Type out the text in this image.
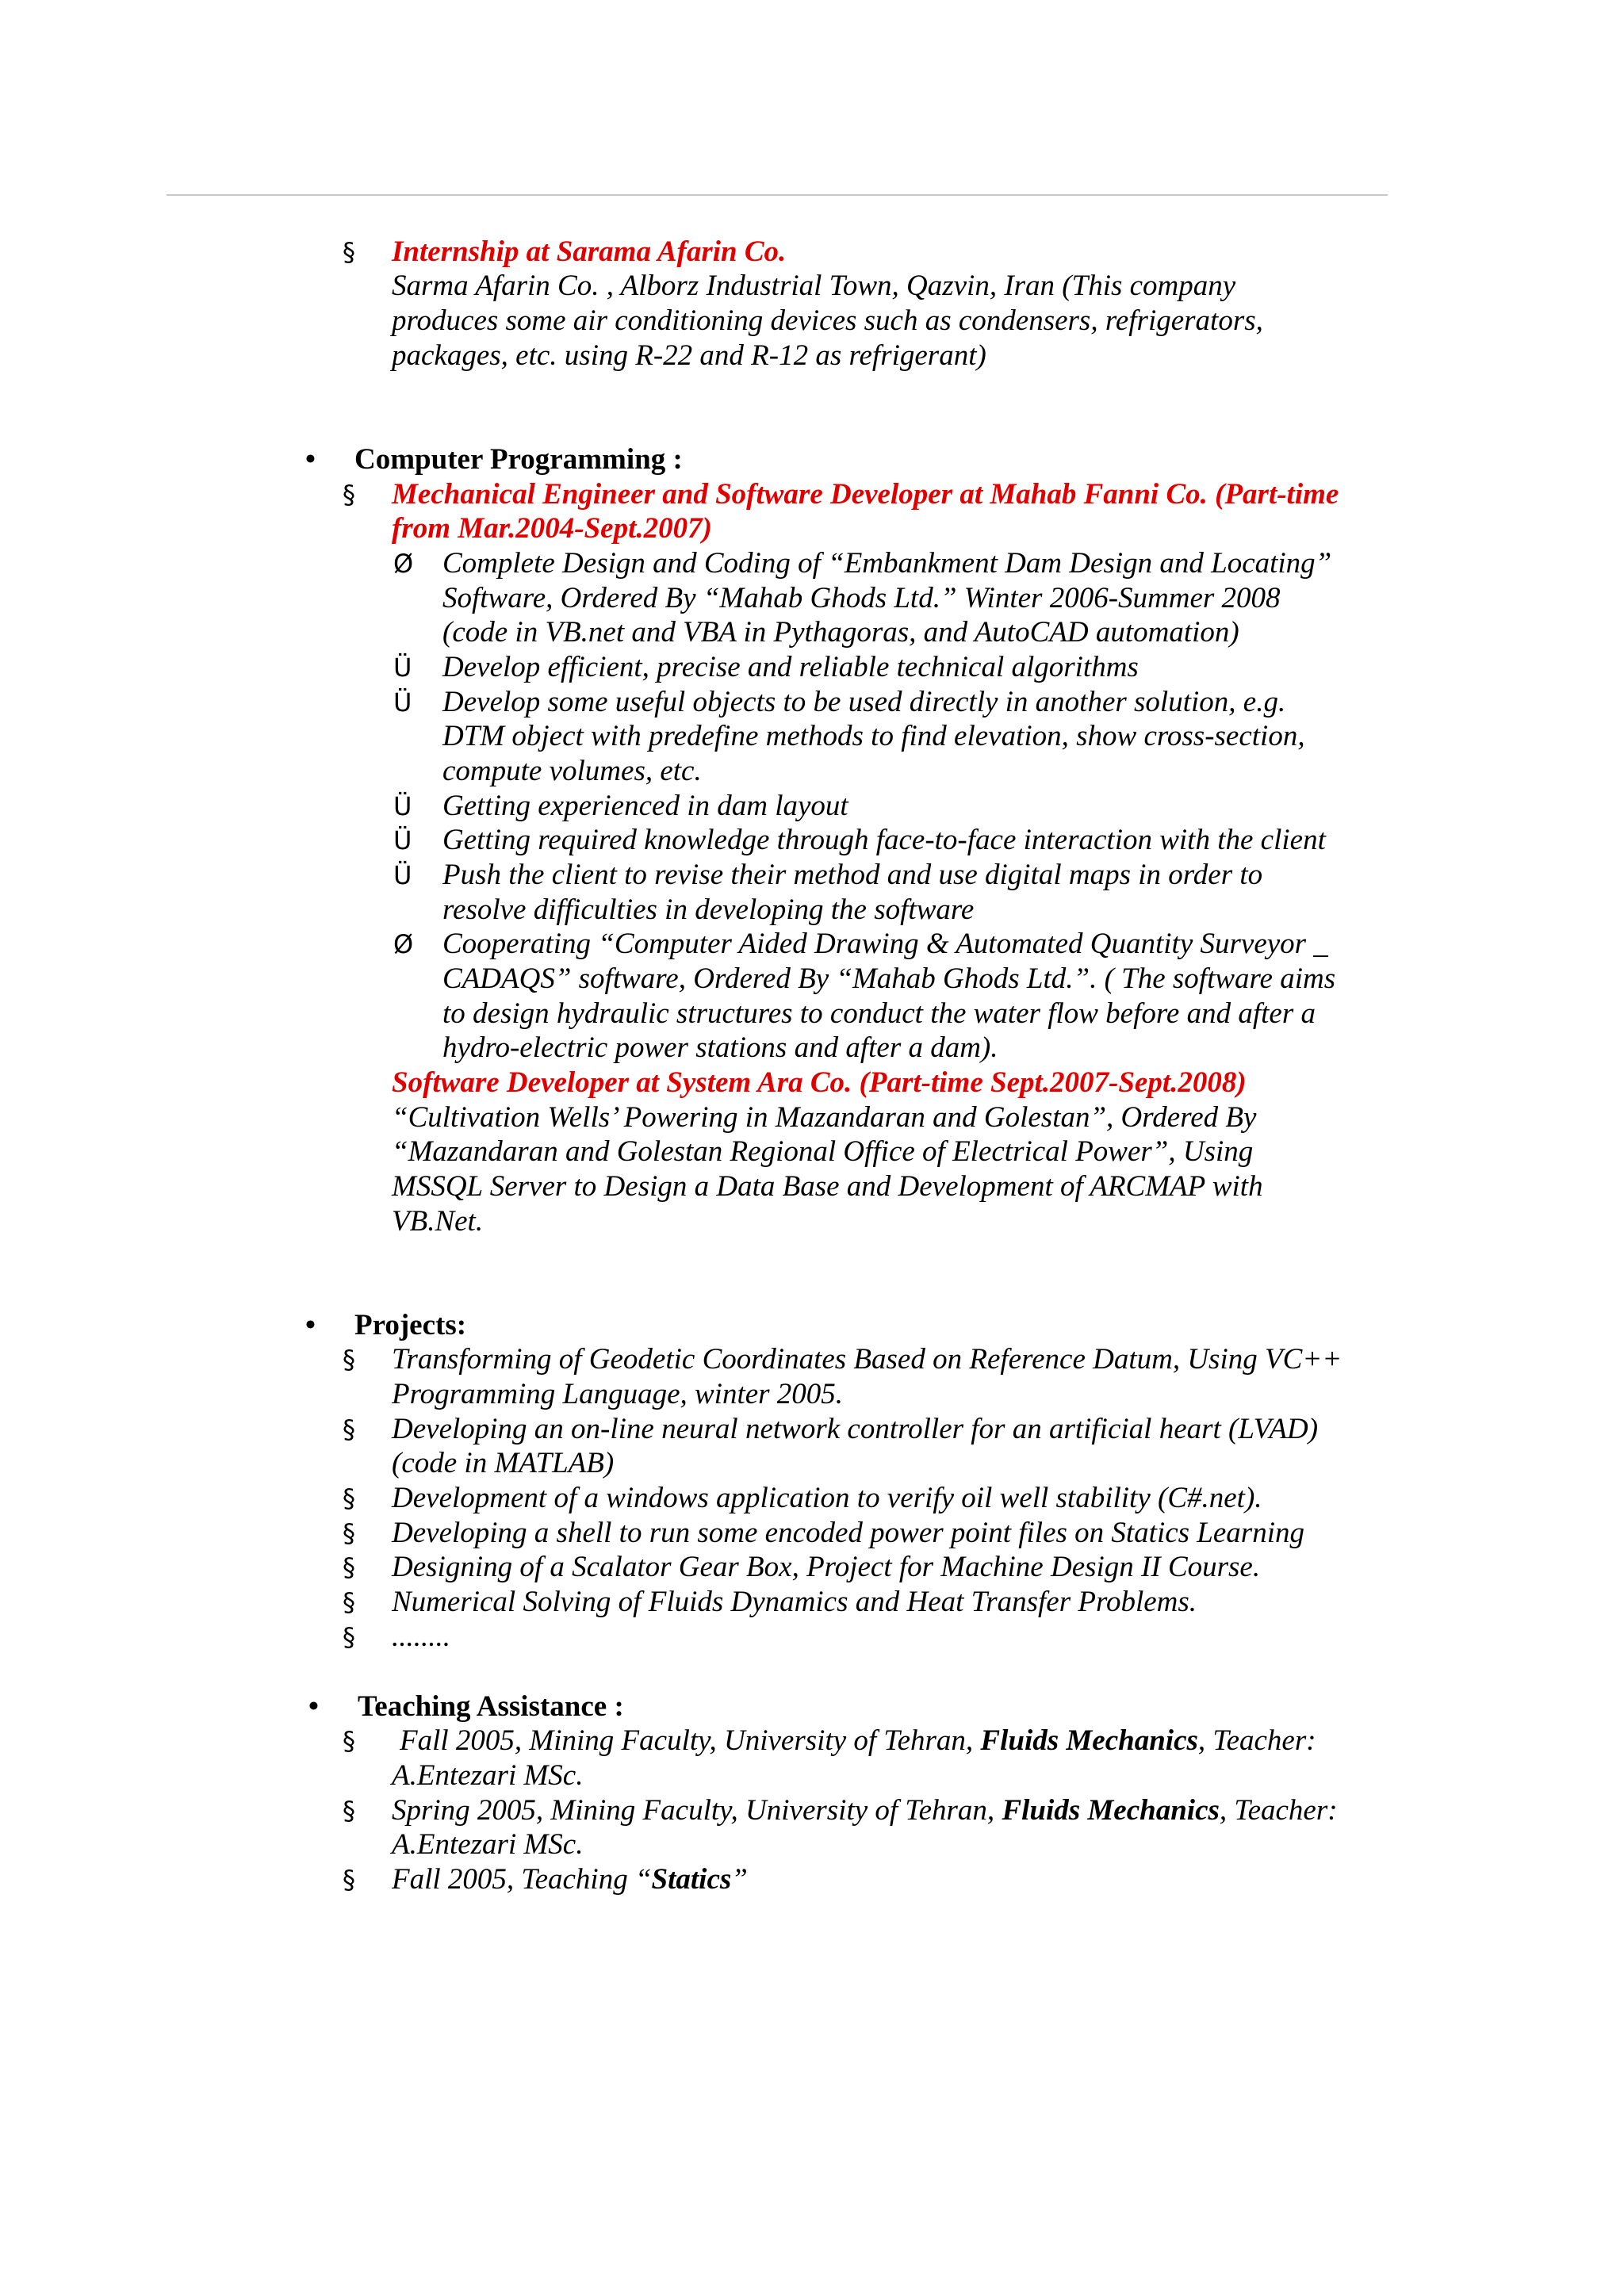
§ Internship at Sarama Afarin Co.
Sarma Afarin Co. , Alborz Industrial Town, Qazvin, Iran (This company
produces some air conditioning devices such as condensers, refrigerators,
packages, etc. using R-22 and R-12 as refrigerant)
• Computer Programming :
§ Mechanical Engineer and Software Developer at Mahab Fanni Co. (Part-time
from Mar.2004-Sept.2007)
Ø Complete Design and Coding of “Embankment Dam Design and Locating”
Software, Ordered By “Mahab Ghods Ltd.” Winter 2006-Summer 2008
(code in VB.net and VBA in Pythagoras, and AutoCAD automation)
Ü Develop efficient, precise and reliable technical algorithms
Ü Develop some useful objects to be used directly in another solution, e.g.
DTM object with predefine methods to find elevation, show cross-section,
compute volumes, etc.
Ü Getting experienced in dam layout
Ü Getting required knowledge through face-to-face interaction with the client
Ü Push the client to revise their method and use digital maps in order to
resolve difficulties in developing the software
Ø Cooperating “Computer Aided Drawing & Automated Quantity Surveyor _
CADAQS” software, Ordered By “Mahab Ghods Ltd.”. ( The software aims
to design hydraulic structures to conduct the water flow before and after a
hydro-electric power stations and after a dam).
Software Developer at System Ara Co. (Part-time Sept.2007-Sept.2008)
“Cultivation Wells’ Powering in Mazandaran and Golestan”, Ordered By
“Mazandaran and Golestan Regional Office of Electrical Power”, Using
MSSQL Server to Design a Data Base and Development of ARCMAP with
VB.Net.
• Projects:
§ Transforming of Geodetic Coordinates Based on Reference Datum, Using VC++
Programming Language, winter 2005.
§ Developing an on-line neural network controller for an artificial heart (LVAD)
(code in MATLAB)
§ Development of a windows application to verify oil well stability (C#.net).
§ Developing a shell to run some encoded power point files on Statics Learning
§ Designing of a Scalator Gear Box, Project for Machine Design II Course.
§ Numerical Solving of Fluids Dynamics and Heat Transfer Problems.
§ ........
• Teaching Assistance :
§ Fall 2005, Mining Faculty, University of Tehran, Fluids Mechanics, Teacher:
A.Entezari MSc.
§ Spring 2005, Mining Faculty, University of Tehran, Fluids Mechanics, Teacher:
A.Entezari MSc.
§ Fall 2005, Teaching “Statics”
